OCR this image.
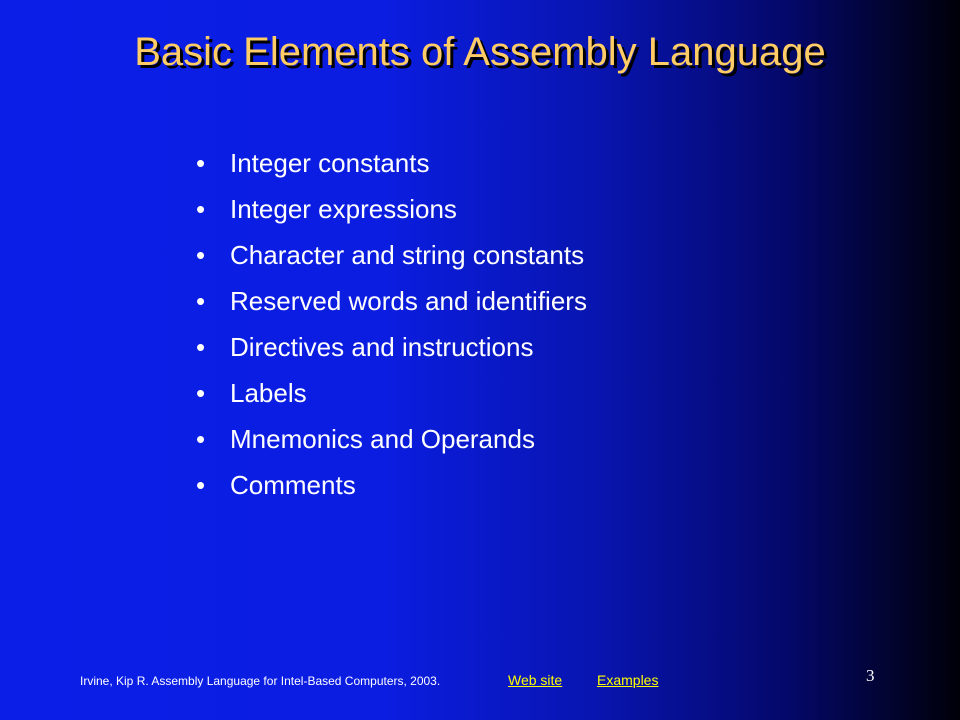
Basic Elements of Assembly Language
• Integer constants
• Integer expressions
• Character and string constants
• Reserved words and identifiers
• Directives and instructions
• Labels
• Mnemonics and Operands
• Comments
Irvine, Kip R. Assembly Language for Intel-Based Computers, 2003.	Web site Examples	3
